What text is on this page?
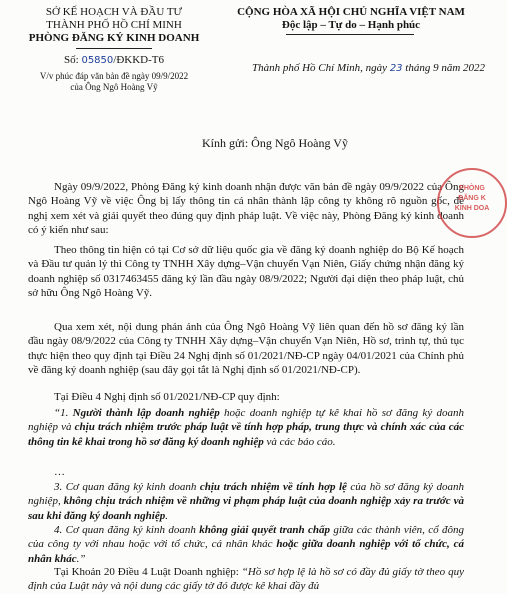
SỞ KẾ HOẠCH VÀ ĐẦU TƯ
THÀNH PHỐ HỒ CHÍ MINH
PHÒNG ĐĂNG KÝ KINH DOANH
Số: 05850/ĐKKD-T6
V/v phúc đáp văn bản đề ngày 09/9/2022
của Ông Ngô Hoàng Vỹ
CỘNG HÒA XÃ HỘI CHỦ NGHĨA VIỆT NAM
Độc lập – Tự do – Hạnh phúc
Thành phố Hồ Chí Minh, ngày 23 tháng 9 năm 2022
Kính gửi: Ông Ngô Hoàng Vỹ
Ngày 09/9/2022, Phòng Đăng ký kinh doanh nhận được văn bản đề ngày 09/9/2022 của Ông Ngô Hoàng Vỹ về việc Ông bị lấy thông tin cá nhân thành lập công ty không rõ nguồn gốc, đề nghị xem xét và giải quyết theo đúng quy định pháp luật. Về việc này, Phòng Đăng ký kinh doanh có ý kiến như sau:
Theo thông tin hiện có tại Cơ sở dữ liệu quốc gia về đăng ký doanh nghiệp do Bộ Kế hoạch và Đầu tư quản lý thì Công ty TNHH Xây dựng–Vận chuyển Vạn Niên, Giấy chứng nhận đăng ký doanh nghiệp số 0317463455 đăng ký lần đầu ngày 08/9/2022; Người đại diện theo pháp luật, chủ sở hữu Ông Ngô Hoàng Vỹ.
Qua xem xét, nội dung phản ánh của Ông Ngô Hoàng Vỹ liên quan đến hồ sơ đăng ký lần đầu ngày 08/9/2022 của Công ty TNHH Xây dựng–Vận chuyển Vạn Niên, Hồ sơ, trình tự, thủ tục thực hiện theo quy định tại Điều 24 Nghị định số 01/2021/NĐ-CP ngày 04/01/2021 của Chính phủ về đăng ký doanh nghiệp (sau đây gọi tắt là Nghị định số 01/2021/NĐ-CP).
Tại Điều 4 Nghị định số 01/2021/NĐ-CP quy định:
“1. Người thành lập doanh nghiệp hoặc doanh nghiệp tự kê khai hồ sơ đăng ký doanh nghiệp và chịu trách nhiệm trước pháp luật về tính hợp pháp, trung thực và chính xác của các thông tin kê khai trong hồ sơ đăng ký doanh nghiệp và các báo cáo.
…
3. Cơ quan đăng ký kinh doanh chịu trách nhiệm về tính hợp lệ của hồ sơ đăng ký doanh nghiệp, không chịu trách nhiệm về những vi phạm pháp luật của doanh nghiệp xảy ra trước và sau khi đăng ký doanh nghiệp.
4. Cơ quan đăng ký kinh doanh không giải quyết tranh chấp giữa các thành viên, cổ đông của công ty với nhau hoặc với tổ chức, cá nhân khác hoặc giữa doanh nghiệp với tổ chức, cá nhân khác.”
Tại Khoản 20 Điều 4 Luật Doanh nghiệp: “Hồ sơ hợp lệ là hồ sơ có đầy đủ giấy tờ theo quy định của Luật này và nội dung các giấy tờ đó được kê khai đầy đủ
PHÒNG
ĐĂNG K
KINH DOA
